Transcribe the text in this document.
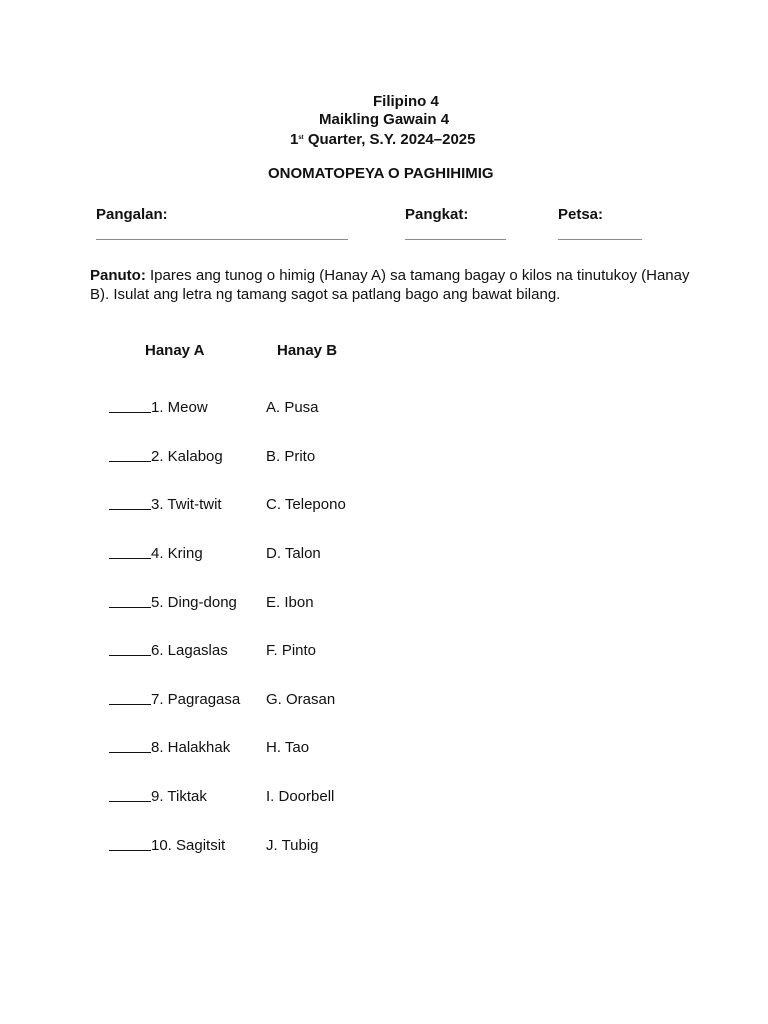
Filipino 4
Maikling Gawain 4
1st Quarter, S.Y. 2024–2025
ONOMATOPEYA O PAGHIHIMIG
Pangalan:	Pangkat:	Petsa:
Panuto: Ipares ang tunog o himig (Hanay A) sa tamang bagay o kilos na tinutukoy (Hanay B). Isulat ang letra ng tamang sagot sa patlang bago ang bawat bilang.
Hanay A	Hanay B
1. Meow	A. Pusa
2. Kalabog	B. Prito
3. Twit-twit	C. Telepono
4. Kring	D. Talon
5. Ding-dong E. Ibon
6. Lagaslas	F. Pinto
7. Pagragasa G. Orasan
8. Halakhak H. Tao
9. Tiktak	I. Doorbell
10. Sagitsit	J. Tubig
